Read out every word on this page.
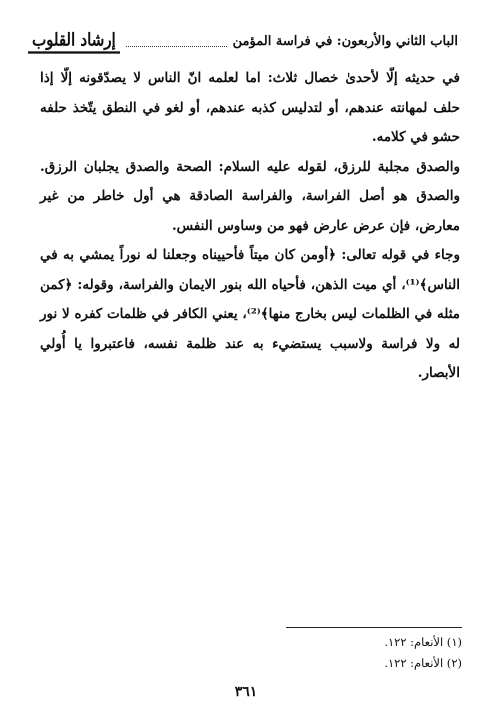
الباب الثاني والأربعون: في فراسة المؤمن
إرشاد القلوب

في حديثه إلّا لأحدىٰ خصال ثلاث: اما لعلمه انّ الناس لا يصدّقونه إلّا إذا حلف لمهانته عندهم، أو لتدليس كذبه عندهم، أو لغو في النطق يتّخذ حلفه حشو في كلامه.

والصدق مجلبة للرزق، لقوله عليه السلام: الصحة والصدق يجلبان الرزق. والصدق هو أصل الفراسة، والفراسة الصادقة هي أول خاطر من غير معارض، فإن عرض عارض فهو من وساوس النفس.

وجاء في قوله تعالى: ﴿أومن كان ميتاً فأحييناه وجعلنا له نوراً يمشي به في الناس﴾⁽¹⁾، أي ميت الذهن، فأحياه الله بنور الايمان والفراسة، وقوله: ﴿كمن مثله في الظلمات ليس بخارج منها﴾⁽²⁾، يعني الكافر في ظلمات كفره لا نور له ولا فراسة ولاسبب يستضيء به عند ظلمة نفسه، فاعتبروا يا أُولي الأبصار.

(١) الأنعام: ١٢٢.

(٢) الأنعام: ١٢٢.

٣٦١
